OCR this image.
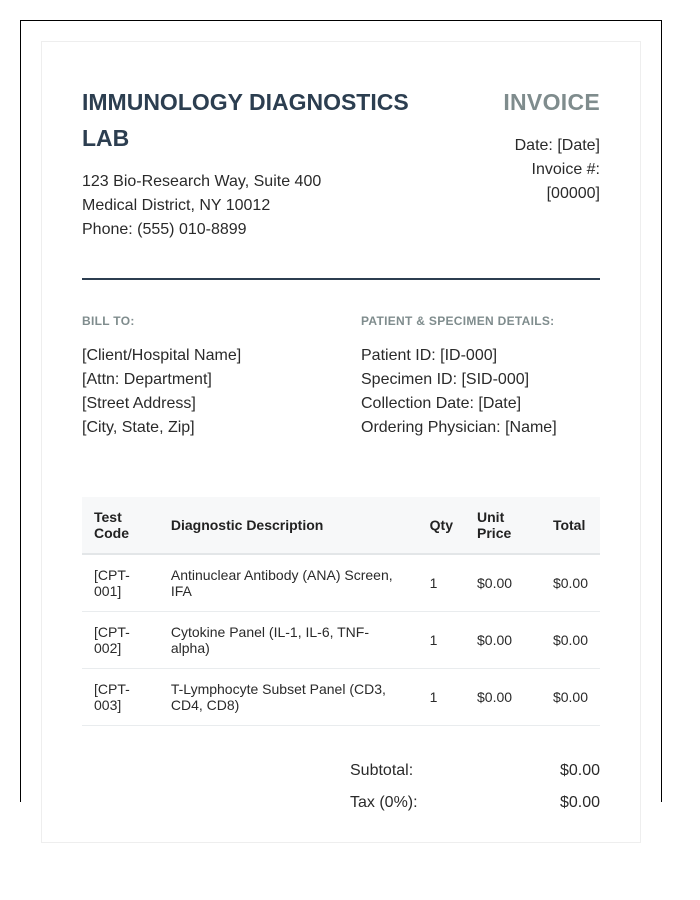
IMMUNOLOGY DIAGNOSTICS LAB
123 Bio-Research Way, Suite 400
Medical District, NY 10012
Phone: (555) 010-8899
INVOICE
Date: [Date]
Invoice #:
[00000]
BILL TO:
[Client/Hospital Name]
[Attn: Department]
[Street Address]
[City, State, Zip]
PATIENT & SPECIMEN DETAILS:
Patient ID: [ID-000]
Specimen ID: [SID-000]
Collection Date: [Date]
Ordering Physician: [Name]
Test Code	Diagnostic Description	Qty	Unit Price	Total
[CPT-001]	Antinuclear Antibody (ANA) Screen, IFA	1	$0.00	$0.00
[CPT-002]	Cytokine Panel (IL-1, IL-6, TNF-alpha)	1	$0.00	$0.00
[CPT-003]	T-Lymphocyte Subset Panel (CD3, CD4, CD8)	1	$0.00	$0.00
Subtotal:	$0.00
Tax (0%):	$0.00
